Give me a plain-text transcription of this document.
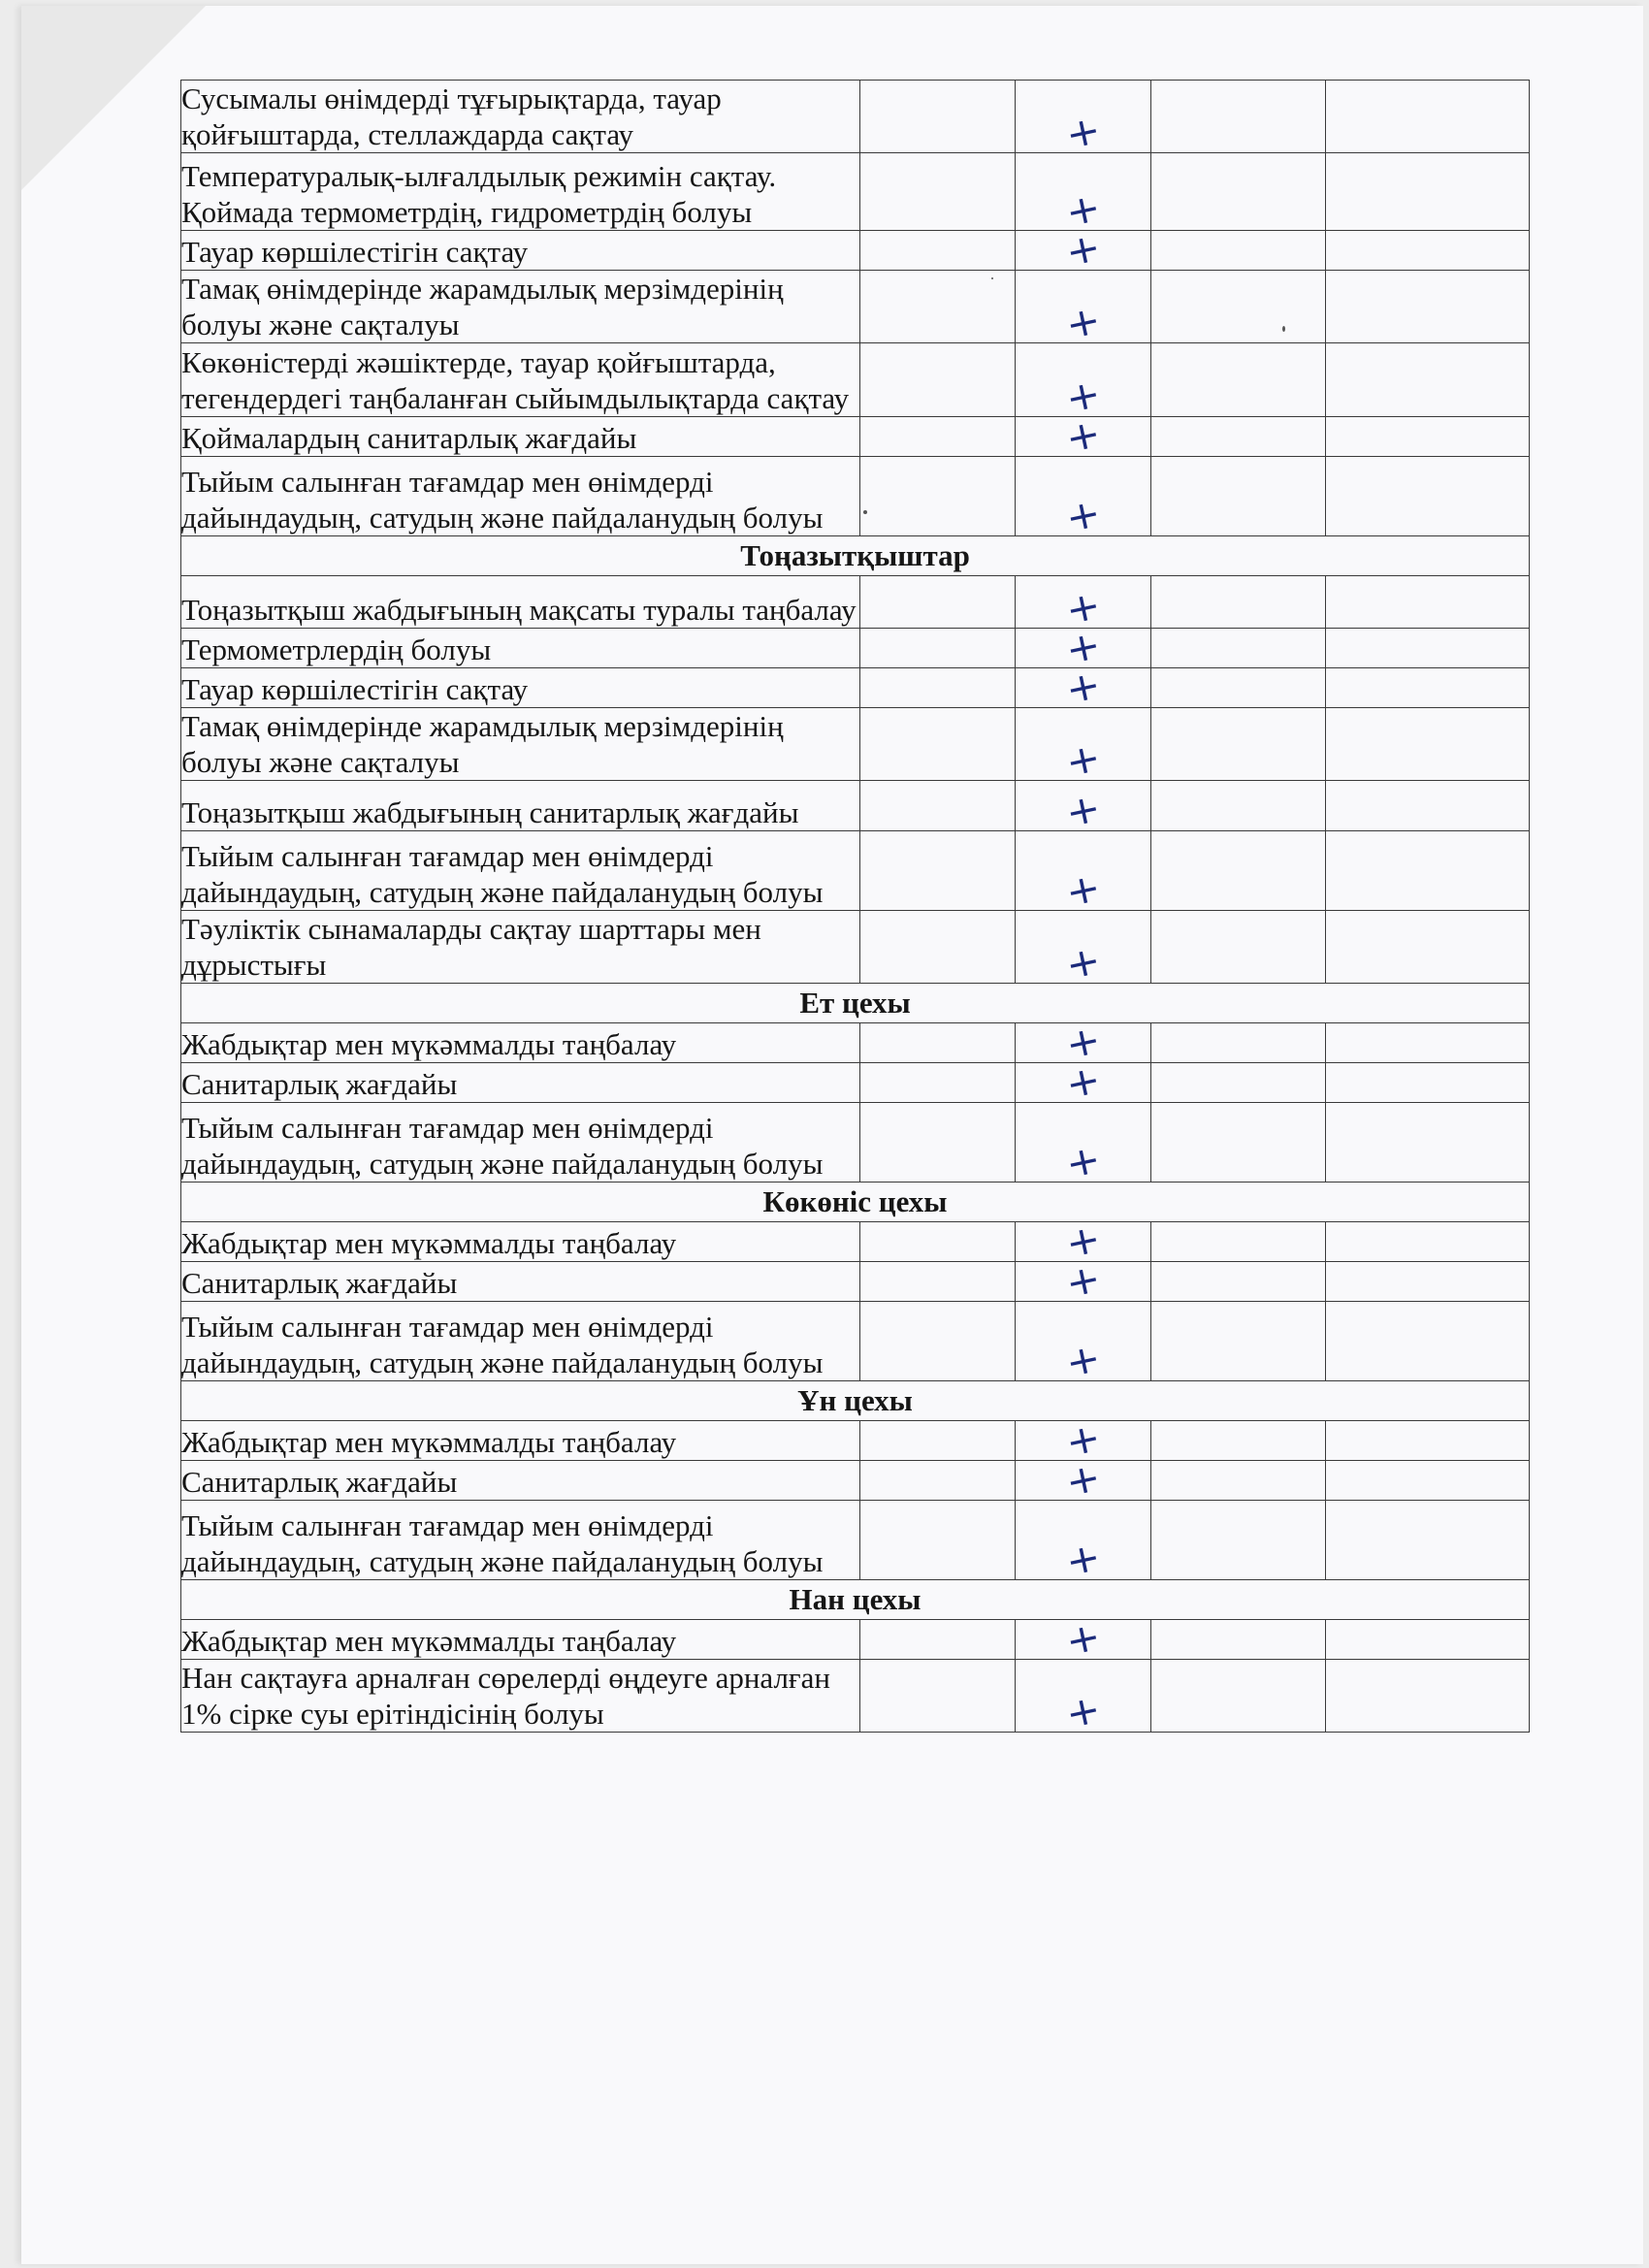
Сусымалы өнімдерді тұғырықтарда, тауар қойғыштарда, стеллаждарда сақтау		+		
Температуралық-ылғалдылық режимін сақтау. Қоймада термометрдің, гидрометрдің болуы		+		
Тауар көршілестігін сақтау		+		
Тамақ өнімдерінде жарамдылық мерзімдерінің болуы және сақталуы		+		
Көкөністерді жәшіктерде, тауар қойғыштарда, тегендердегі таңбаланған сыйымдылықтарда сақтау		+		
Қоймалардың санитарлық жағдайы		+		
Тыйым салынған тағамдар мен өнімдерді дайындаудың, сатудың және пайдаланудың болуы		+		
Тоңазытқыштар				
Тоңазытқыш жабдығының мақсаты туралы таңбалау		+		
Термометрлердің болуы		+		
Тауар көршілестігін сақтау		+		
Тамақ өнімдерінде жарамдылық мерзімдерінің болуы және сақталуы		+		
Тоңазытқыш жабдығының санитарлық жағдайы		+		
Тыйым салынған тағамдар мен өнімдерді дайындаудың, сатудың және пайдаланудың болуы		+		
Тәуліктік сынамаларды сақтау шарттары мен дұрыстығы		+		
Ет цехы				
Жабдықтар мен мүкәммалды таңбалау		+		
Санитарлық жағдайы		+		
Тыйым салынған тағамдар мен өнімдерді дайындаудың, сатудың және пайдаланудың болуы		+		
Көкөніс цехы				
Жабдықтар мен мүкәммалды таңбалау		+		
Санитарлық жағдайы		+		
Тыйым салынған тағамдар мен өнімдерді дайындаудың, сатудың және пайдаланудың болуы		+		
Ұн цехы				
Жабдықтар мен мүкәммалды таңбалау		+		
Санитарлық жағдайы		+		
Тыйым салынған тағамдар мен өнімдерді дайындаудың, сатудың және пайдаланудың болуы		+		
Нан цехы				
Жабдықтар мен мүкәммалды таңбалау		+		
Нан сақтауға арналған сөрелерді өңдеуге арналған 1% сірке суы ерітіндісінің болуы		+		
